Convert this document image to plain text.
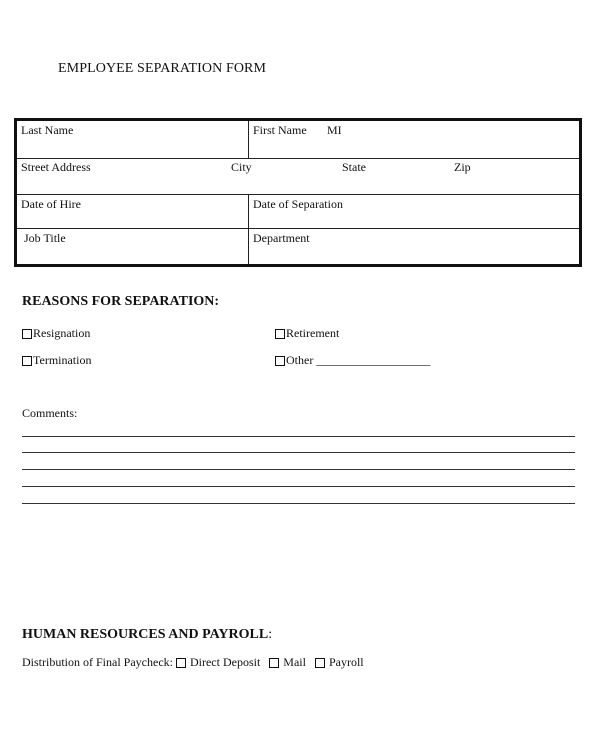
EMPLOYEE SEPARATION FORM
Last Name	First Name MI
Street Address	City	State	Zip
Date of Hire	Date of Separation
Job Title	Department
REASONS FOR SEPARATION:
Resignation	Retirement
Termination	Other ___________________
Comments:
HUMAN RESOURCES AND PAYROLL:
Distribution of Final Paycheck: Direct Deposit Mail Payroll
